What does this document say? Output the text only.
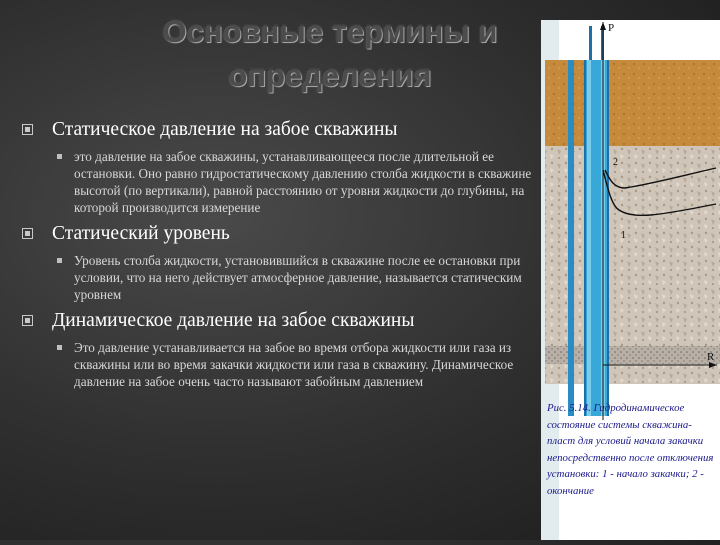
Основные термины и определения
Статическое давление на забое скважины
это давление на забое скважины, устанавливающееся после длительной ее остановки. Оно равно гидростатическому давлению столба жидкости в скважине высотой (по вертикали), равной расстоянию от уровня жидкости до глубины, на которой производится измерение
Статический уровень
Уровень столба жидкости, установившийся в скважине после ее остановки при условии, что на него действует атмосферное давление, называется статическим уровнем
Динамическое давление на забое скважины
Это давление устанавливается на забое во время отбора жидкости или газа из скважины или во время закачки жидкости или газа в скважину. Динамическое давление на забое очень часто называют забойным давлением
P
R
2
1
Рис. 5.14. Гидродинамическое состояние системы скважина-пласт для условий начала закачки непосредственно после отключения установки: 1 - начало закачки; 2 - окончание
